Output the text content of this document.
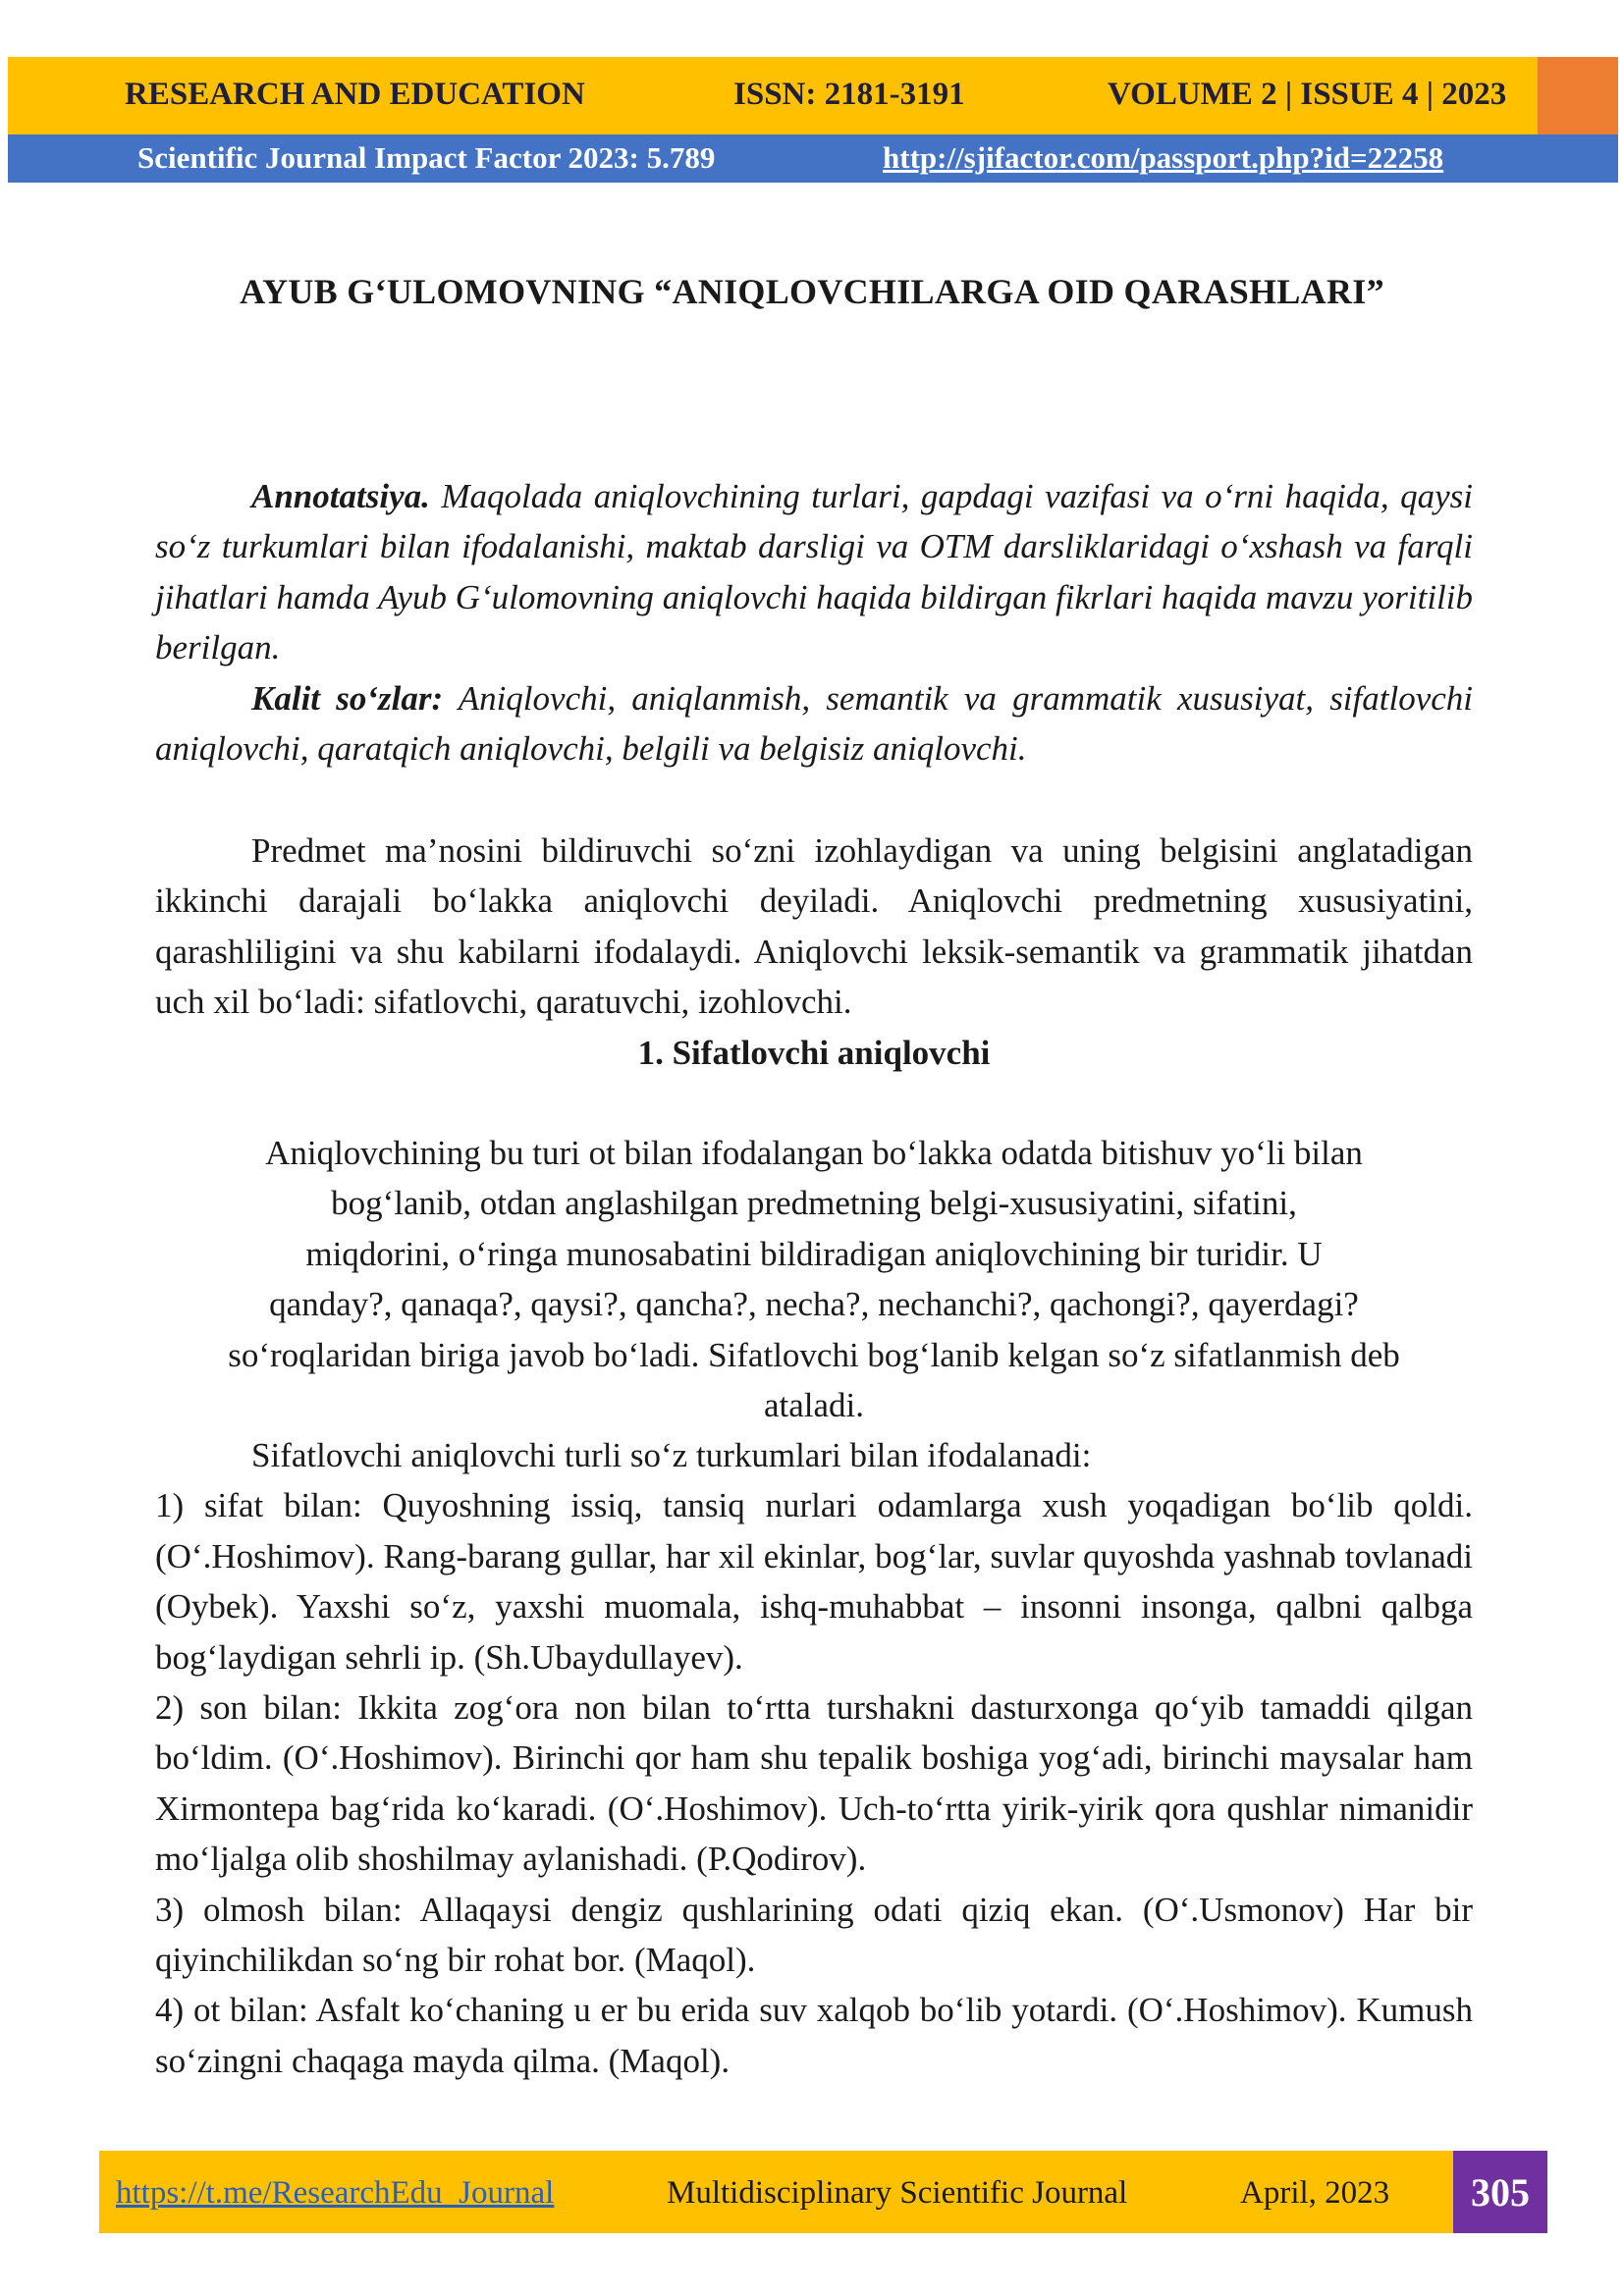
RESEARCH AND EDUCATION	ISSN: 2181-3191	VOLUME 2 | ISSUE 4 | 2023
Scientific Journal Impact Factor 2023: 5.789	http://sjifactor.com/passport.php?id=22258
AYUB G‘ULOMOVNING “ANIQLOVCHILARGA OID QARASHLARI”

Annotatsiya. Maqolada aniqlovchining turlari, gapdagi vazifasi va o‘rni haqida, qaysi so‘z turkumlari bilan ifodalanishi, maktab darsligi va OTM darsliklaridagi o‘xshash va farqli jihatlari hamda Ayub G‘ulomovning aniqlovchi haqida bildirgan fikrlari haqida mavzu yoritilib berilgan.

Kalit so‘zlar: Aniqlovchi, aniqlanmish, semantik va grammatik xususiyat, sifatlovchi aniqlovchi, qaratqich aniqlovchi, belgili va belgisiz aniqlovchi.

Predmet ma’nosini bildiruvchi so‘zni izohlaydigan va uning belgisini anglatadigan ikkinchi darajali bo‘lakka aniqlovchi deyiladi. Aniqlovchi predmetning xususiyatini, qarashliligini va shu kabilarni ifodalaydi. Aniqlovchi leksik-semantik va grammatik jihatdan uch xil bo‘ladi: sifatlovchi, qaratuvchi, izohlovchi.

1. Sifatlovchi aniqlovchi

Aniqlovchining bu turi ot bilan ifodalangan bo‘lakka odatda bitishuv yo‘li bilan

bog‘lanib, otdan anglashilgan predmetning belgi-xususiyatini, sifatini,

miqdorini, o‘ringa munosabatini bildiradigan aniqlovchining bir turidir. U

qanday?, qanaqa?, qaysi?, qancha?, necha?, nechanchi?, qachongi?, qayerdagi?

so‘roqlaridan biriga javob bo‘ladi. Sifatlovchi bog‘lanib kelgan so‘z sifatlanmish deb

ataladi.

Sifatlovchi aniqlovchi turli so‘z turkumlari bilan ifodalanadi:

1) sifat bilan: Quyoshning issiq, tansiq nurlari odamlarga xush yoqadigan bo‘lib qoldi. (O‘.Hoshimov). Rang-barang gullar, har xil ekinlar, bog‘lar, suvlar quyoshda yashnab tovlanadi (Oybek). Yaxshi so‘z, yaxshi muomala, ishq-muhabbat – insonni insonga, qalbni qalbga bog‘laydigan sehrli ip. (Sh.Ubaydullayev).

2) son bilan: Ikkita zog‘ora non bilan to‘rtta turshakni dasturxonga qo‘yib tamaddi qilgan bo‘ldim. (O‘.Hoshimov). Birinchi qor ham shu tepalik boshiga yog‘adi, birinchi maysalar ham Xirmontepa bag‘rida ko‘karadi. (O‘.Hoshimov). Uch-to‘rtta yirik-yirik qora qushlar nimanidir mo‘ljalga olib shoshilmay aylanishadi. (P.Qodirov).

3) olmosh bilan: Allaqaysi dengiz qushlarining odati qiziq ekan. (O‘.Usmonov) Har bir qiyinchilikdan so‘ng bir rohat bor. (Maqol).

4) ot bilan: Asfalt ko‘chaning u er bu erida suv xalqob bo‘lib yotardi. (O‘.Hoshimov). Kumush so‘zingni chaqaga mayda qilma. (Maqol).

305
https://t.me/ResearchEdu_Journal	Multidisciplinary Scientific Journal	April, 2023
